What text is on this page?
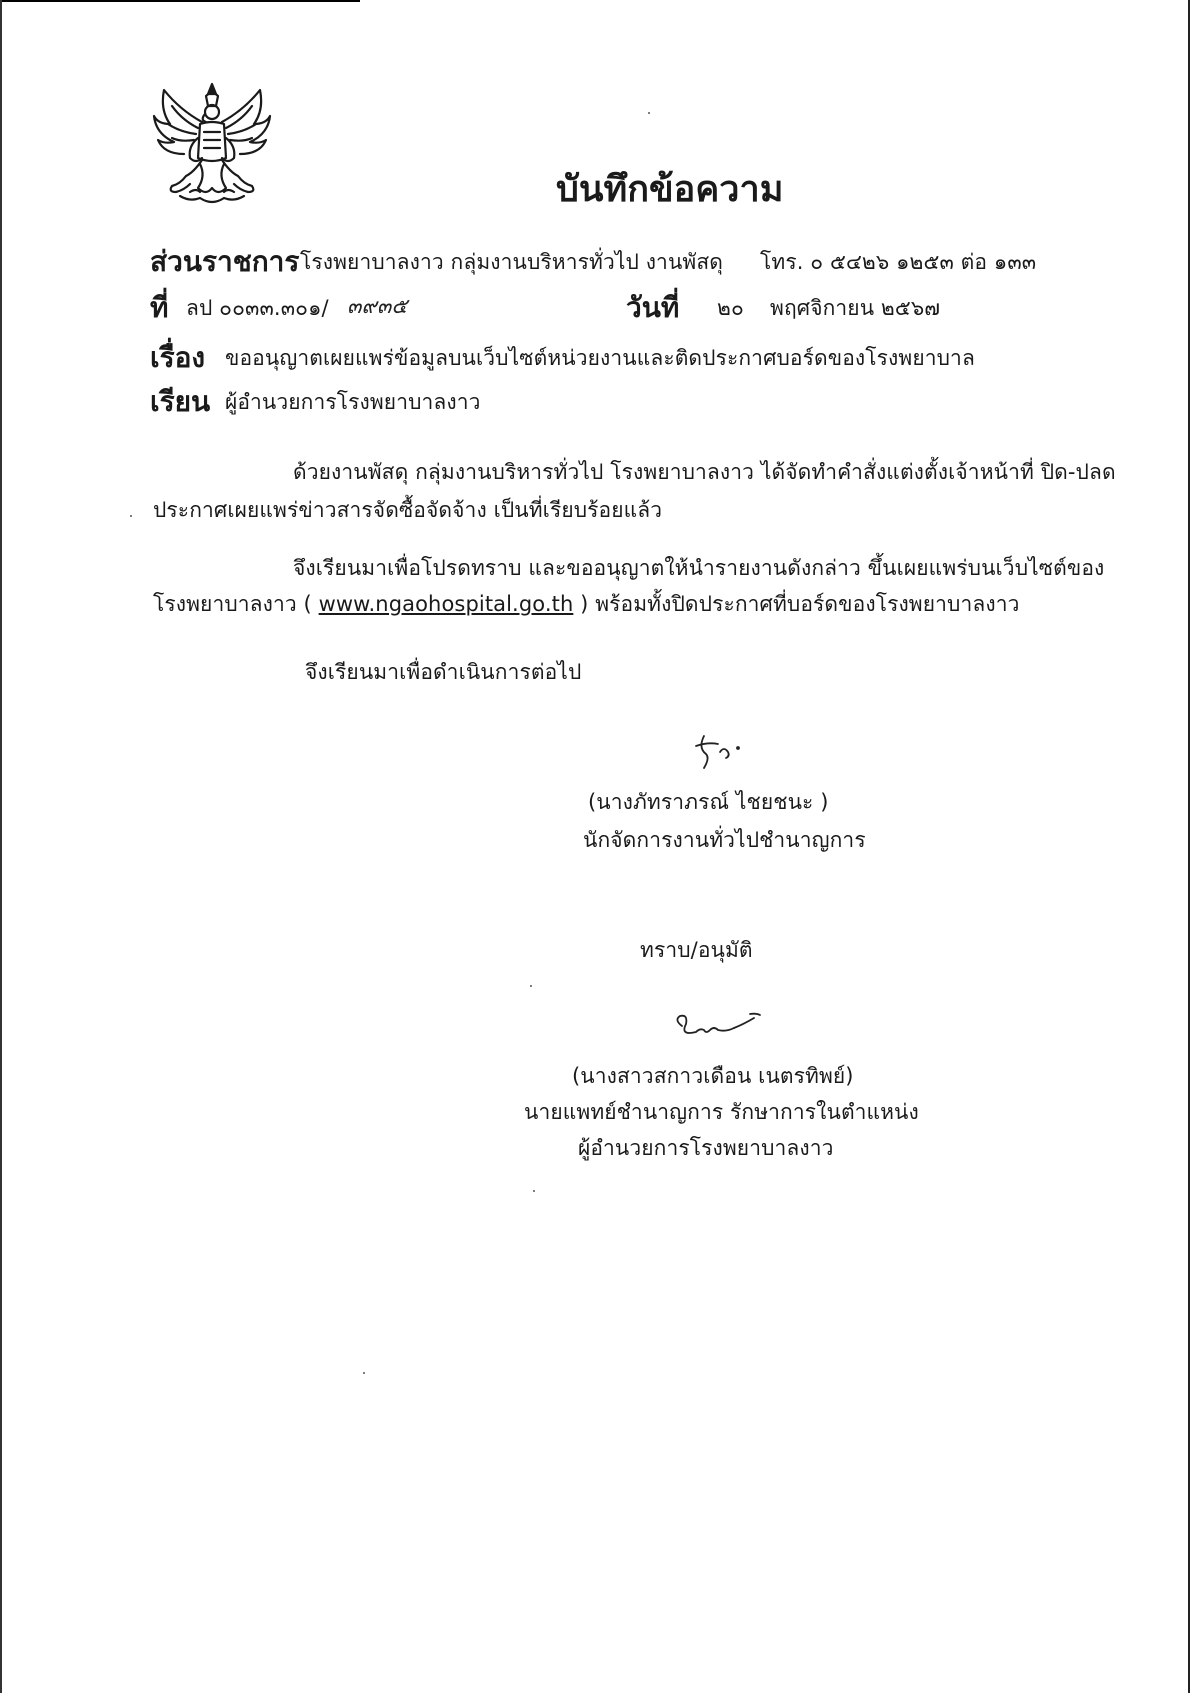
บันทึกข้อความ
ส่วนราชการ โรงพยาบาลงาว กลุ่มงานบริหารทั่วไป งานพัสดุ โทร. ๐ ๕๔๒๖ ๑๒๕๓ ต่อ ๑๓๓
ที่ ลป ๐๐๓๓.๓๐๑/ ๓๙๓๕	วันที่ ๒๐ พฤศจิกายน ๒๕๖๗
เรื่อง ขออนุญาตเผยแพร่ข้อมูลบนเว็บไซต์หน่วยงานและติดประกาศบอร์ดของโรงพยาบาล
เรียน ผู้อำนวยการโรงพยาบาลงาว
ด้วยงานพัสดุ กลุ่มงานบริหารทั่วไป โรงพยาบาลงาว ได้จัดทำคำสั่งแต่งตั้งเจ้าหน้าที่ ปิด-ปลด
ประกาศเผยแพร่ข่าวสารจัดซื้อจัดจ้าง เป็นที่เรียบร้อยแล้ว
จึงเรียนมาเพื่อโปรดทราบ และขออนุญาตให้นำรายงานดังกล่าว ขึ้นเผยแพร่บนเว็บไซต์ของ
โรงพยาบาลงาว ( www.ngaohospital.go.th ) พร้อมทั้งปิดประกาศที่บอร์ดของโรงพยาบาลงาว
จึงเรียนมาเพื่อดำเนินการต่อไป
(นางภัทราภรณ์ ไชยชนะ )
นักจัดการงานทั่วไปชำนาญการ
ทราบ/อนุมัติ
(นางสาวสกาวเดือน เนตรทิพย์)
นายแพทย์ชำนาญการ รักษาการในตำแหน่ง
ผู้อำนวยการโรงพยาบาลงาว
